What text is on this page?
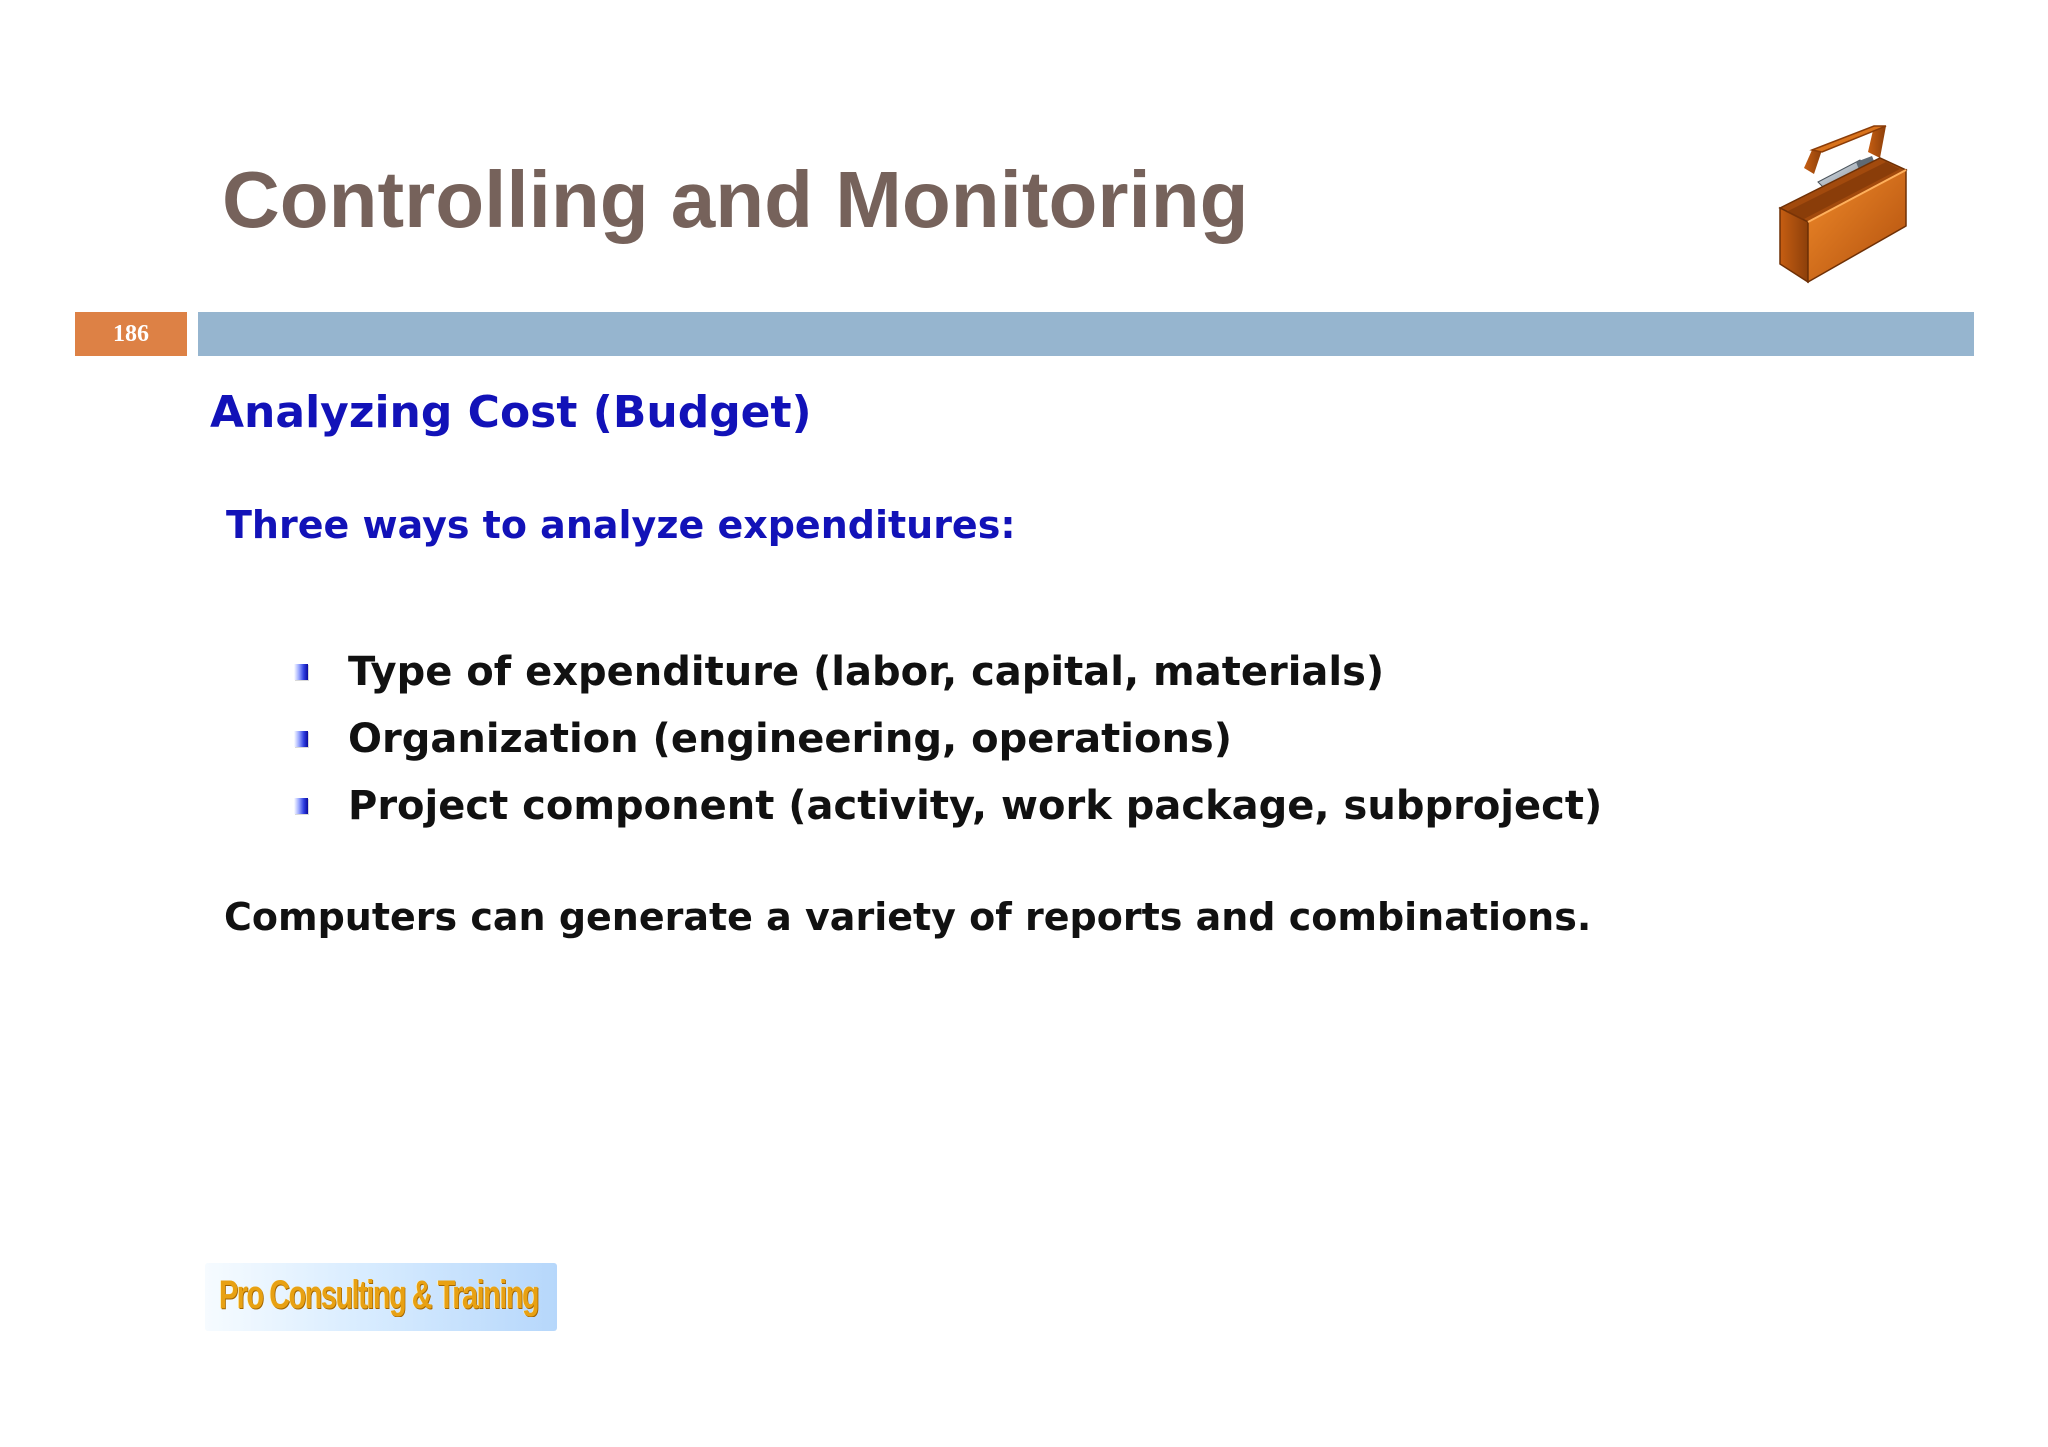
Controlling and Monitoring
186
Analyzing Cost (Budget)

Three ways to analyze expenditures:

Type of expenditure (labor, capital, materials)
Organization (engineering, operations)
Project component (activity, work package, subproject)

Computers can generate a variety of reports and combinations.

Pro Consulting & Training
